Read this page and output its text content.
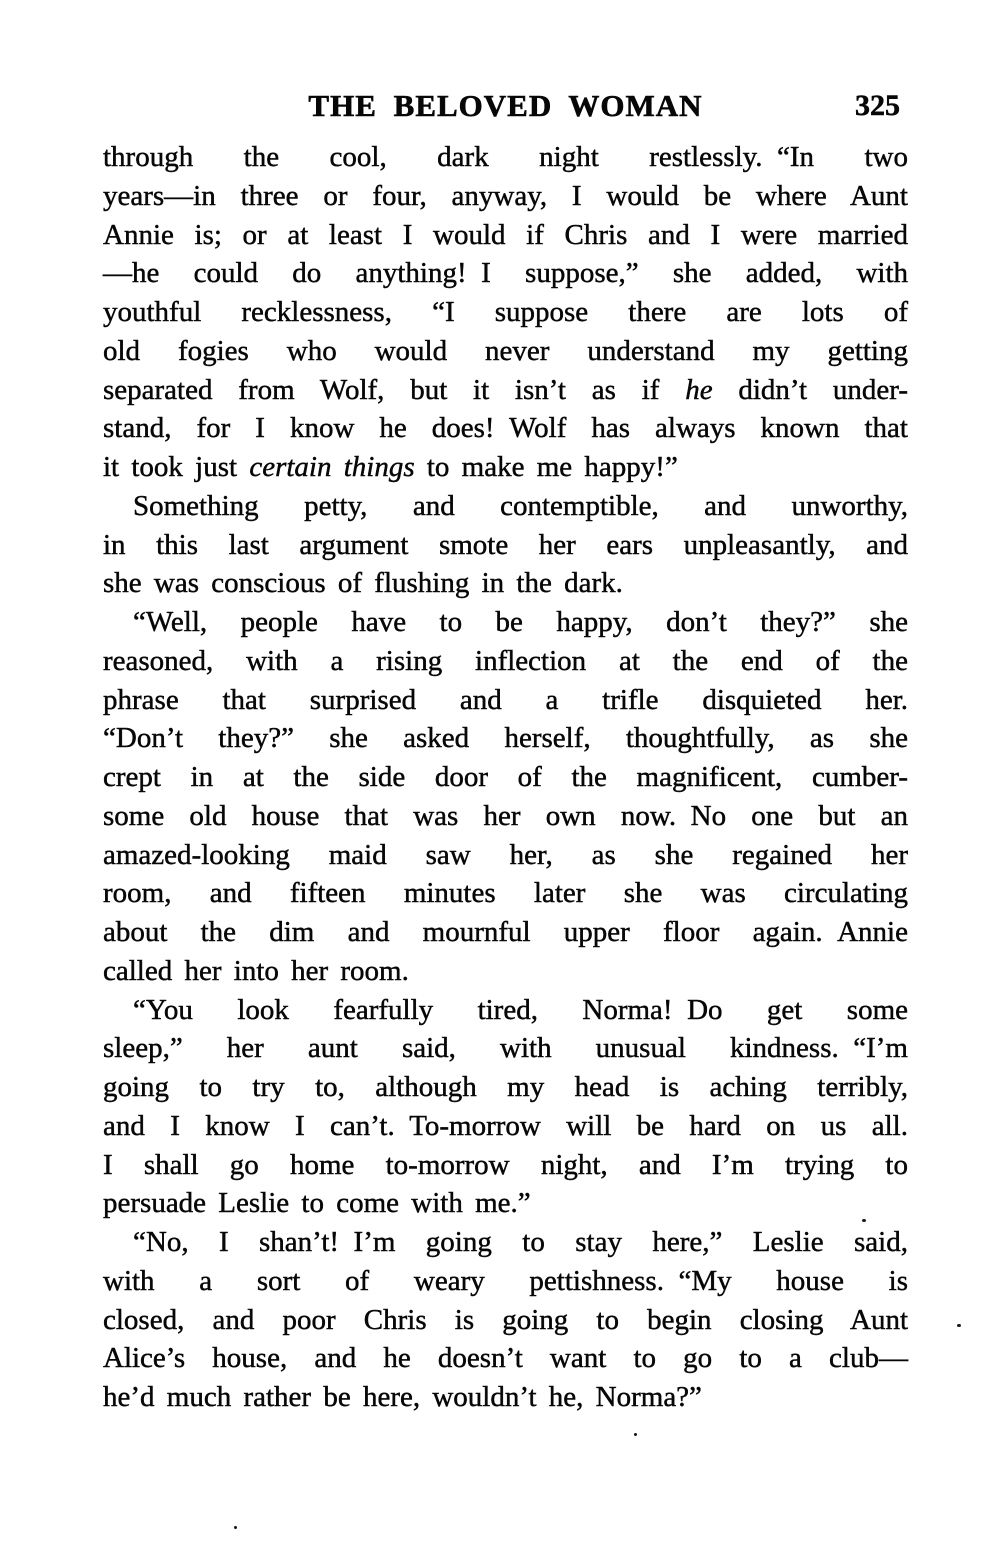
THE BELOVED WOMAN	325
through the cool, dark night restlessly. “In two
years—in three or four, anyway, I would be where Aunt
Annie is; or at least I would if Chris and I were married
—he could do anything! I suppose,” she added, with
youthful recklessness, “I suppose there are lots of
old fogies who would never understand my getting
separated from Wolf, but it isn’t as if he didn’t under-
stand, for I know he does! Wolf has always known that
it took just certain things to make me happy!”
Something petty, and contemptible, and unworthy,
in this last argument smote her ears unpleasantly, and
she was conscious of flushing in the dark.
“Well, people have to be happy, don’t they?” she
reasoned, with a rising inflection at the end of the
phrase that surprised and a trifle disquieted her.
“Don’t they?” she asked herself, thoughtfully, as she
crept in at the side door of the magnificent, cumber-
some old house that was her own now. No one but an
amazed-looking maid saw her, as she regained her
room, and fifteen minutes later she was circulating
about the dim and mournful upper floor again. Annie
called her into her room.
“You look fearfully tired, Norma! Do get some
sleep,” her aunt said, with unusual kindness. “I’m
going to try to, although my head is aching terribly,
and I know I can’t. To-morrow will be hard on us all.
I shall go home to-morrow night, and I’m trying to
persuade Leslie to come with me.”
“No, I shan’t! I’m going to stay here,” Leslie said,
with a sort of weary pettishness. “My house is
closed, and poor Chris is going to begin closing Aunt
Alice’s house, and he doesn’t want to go to a club—
he’d much rather be here, wouldn’t he, Norma?”
